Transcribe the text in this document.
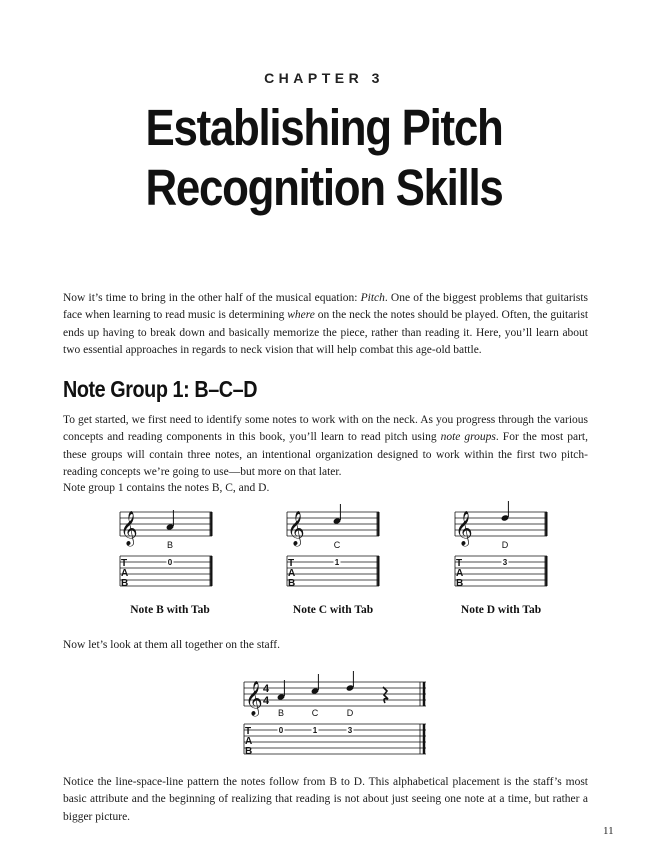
CHAPTER 3
Establishing Pitch
Recognition Skills

Now it’s time to bring in the other half of the musical equation: Pitch. One of the biggest problems that guitarists face when learning to read music is determining where on the neck the notes should be played. Often, the guitarist ends up having to break down and basically memorize the piece, rather than reading it. Here, you’ll learn about two essential approaches in regards to neck vision that will help combat this age-old battle.

Note Group 1: B–C–D

To get started, we first need to identify some notes to work with on the neck. As you progress through the various concepts and reading components in this book, you’ll learn to read pitch using note groups. For the most part, these groups will contain three notes, an intentional organization designed to work within the first two pitch-reading concepts we’re going to use—but more on that later.

Note group 1 contains the notes B, C, and D.

Note B with Tab	Note C with Tab	Note D with Tab

Now let’s look at them all together on the staff.

Notice the line-space-line pattern the notes follow from B to D. This alphabetical placement is the staff’s most basic attribute and the beginning of realizing that reading is not about just seeing one note at a time, but rather a bigger picture.

𝄞	B
T
A
B
0
𝄞	C
T
A
B
1
𝄞	D
T
A
B
3
𝄞 4
4
B	C	D
T
A
B
0	1	3
11
